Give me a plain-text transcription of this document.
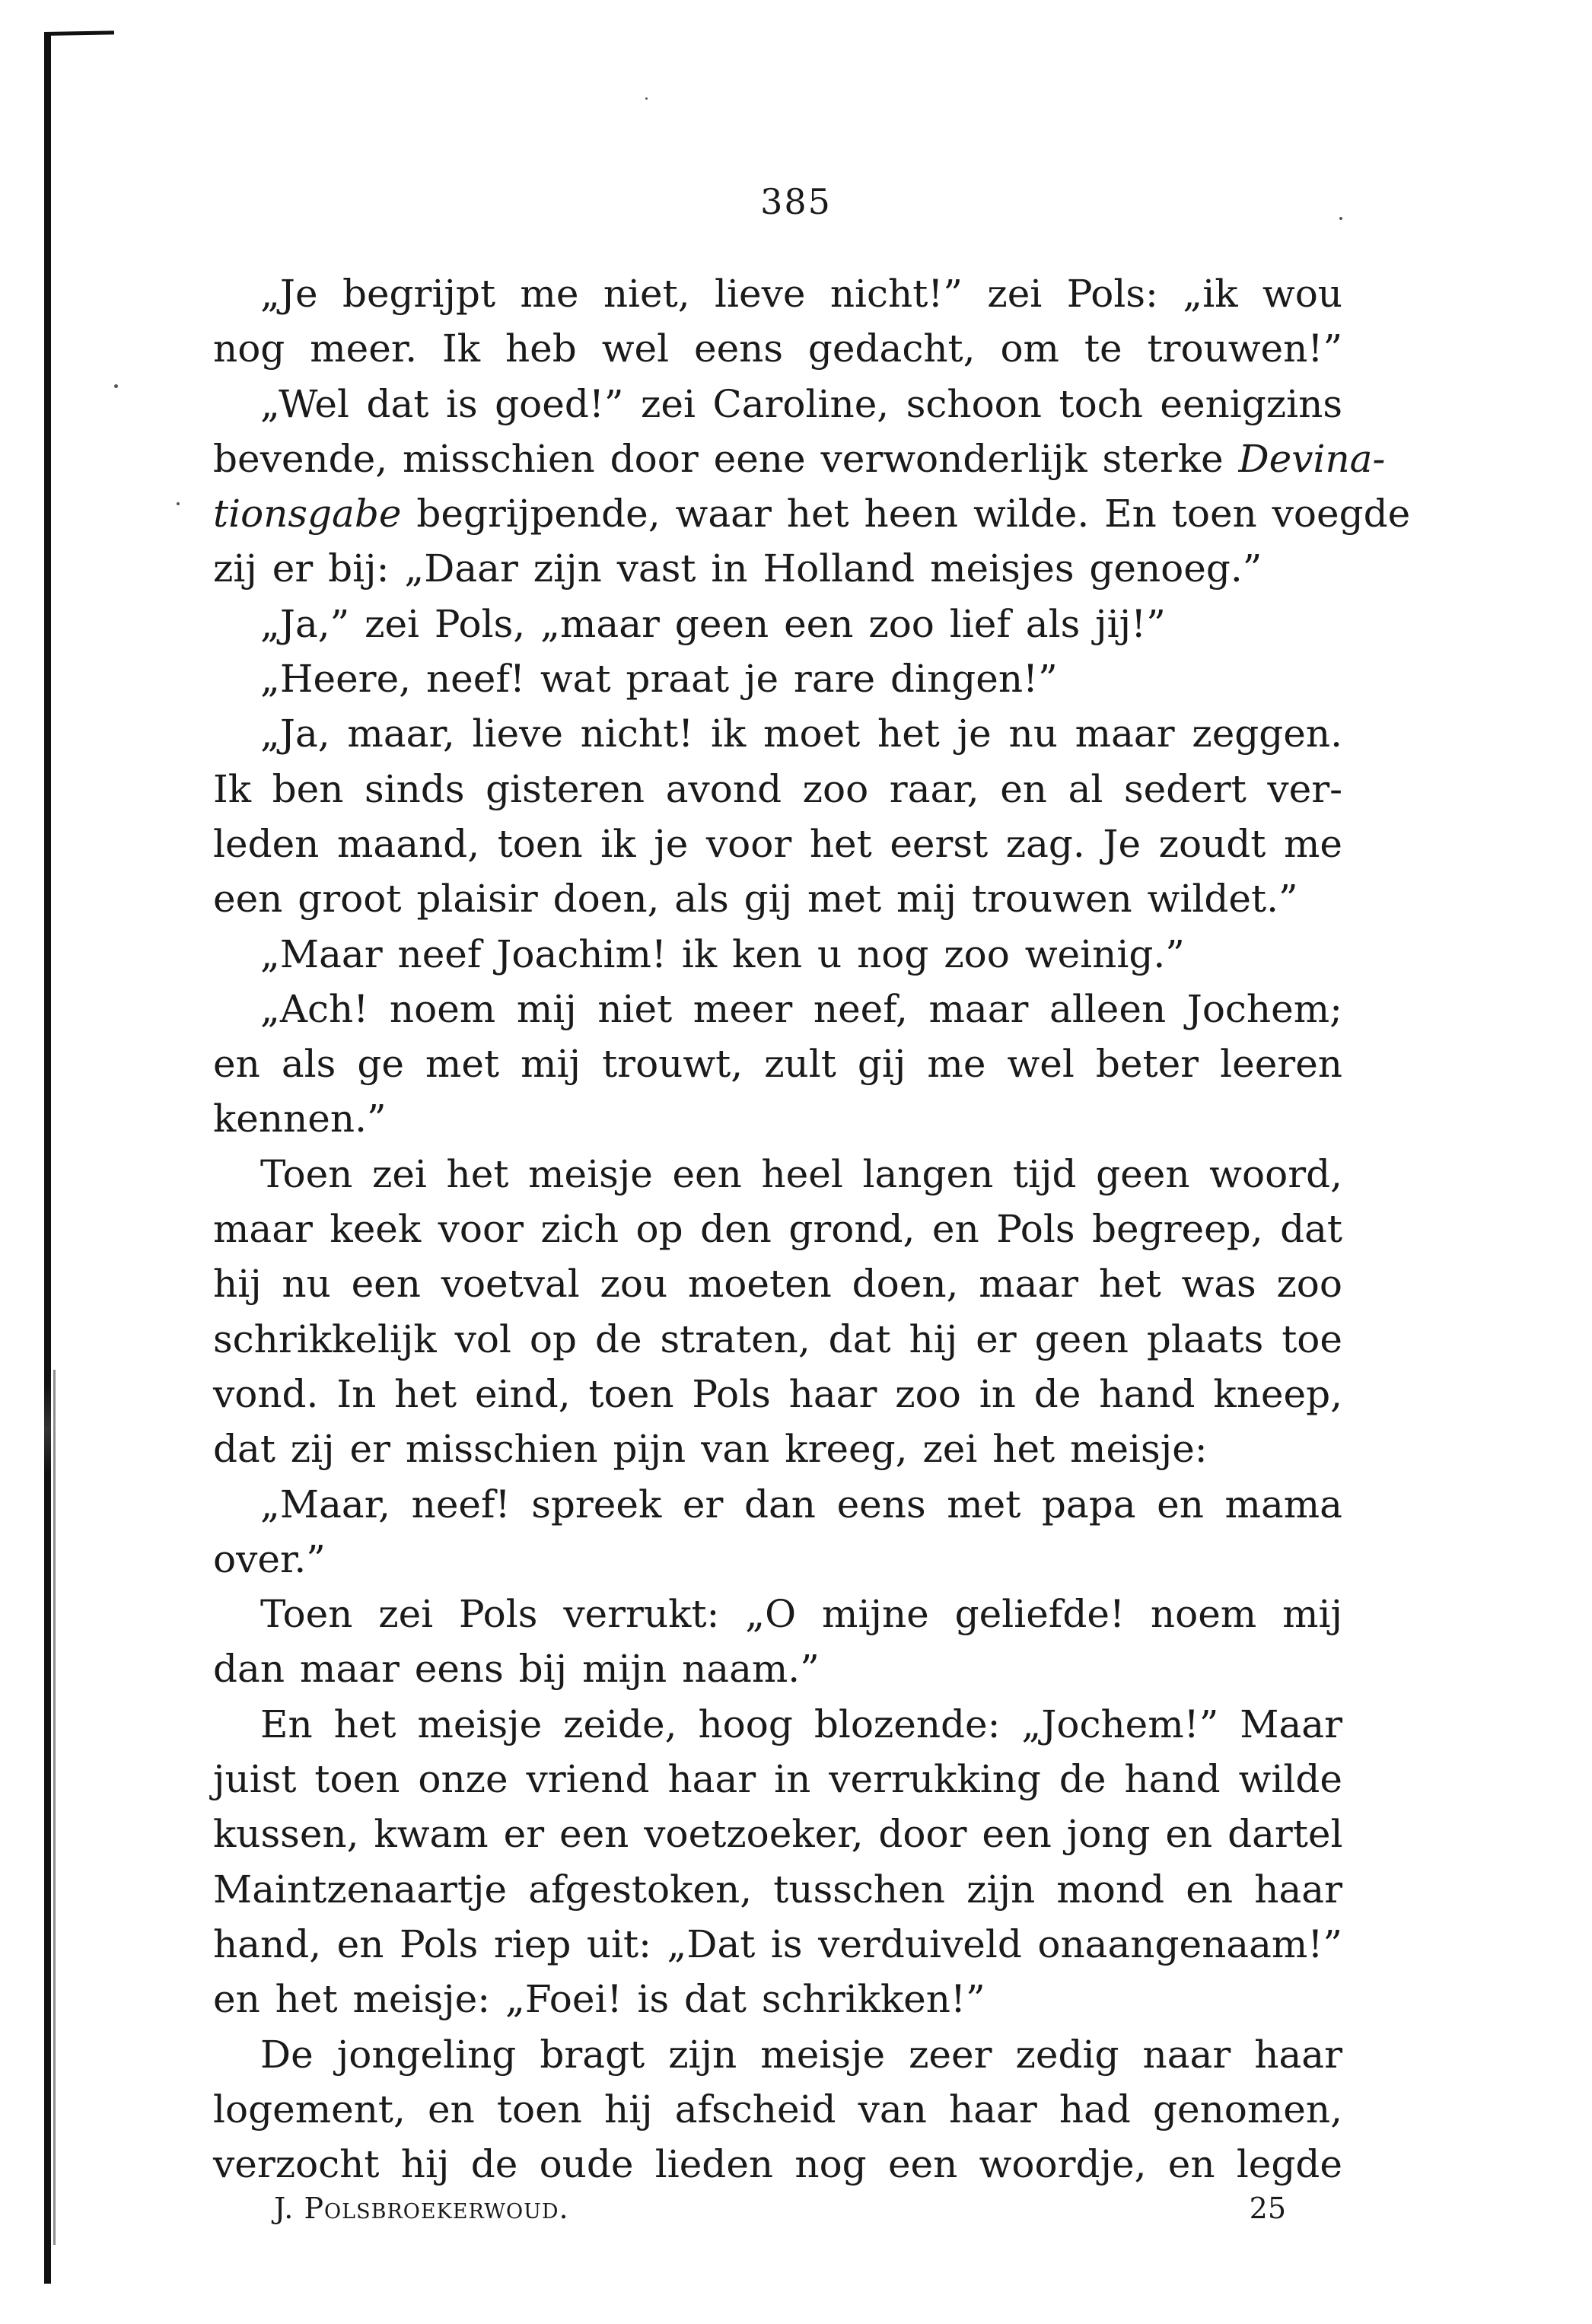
385
„Je begrijpt me niet, lieve nicht!” zei Pols: „ik wou
nog meer. Ik heb wel eens gedacht, om te trouwen!”
„Wel dat is goed!” zei Caroline, schoon toch eenigzins
bevende, misschien door eene verwonderlijk sterke Devina-
tionsgabe begrijpende, waar het heen wilde. En toen voegde
zij er bij: „Daar zijn vast in Holland meisjes genoeg.”
„Ja,” zei Pols, „maar geen een zoo lief als jij!”
„Heere, neef! wat praat je rare dingen!”
„Ja, maar, lieve nicht! ik moet het je nu maar zeggen.
Ik ben sinds gisteren avond zoo raar, en al sedert ver-
leden maand, toen ik je voor het eerst zag. Je zoudt me
een groot plaisir doen, als gij met mij trouwen wildet.”
„Maar neef Joachim! ik ken u nog zoo weinig.”
„Ach! noem mij niet meer neef, maar alleen Jochem;
en als ge met mij trouwt, zult gij me wel beter leeren
kennen.”
Toen zei het meisje een heel langen tijd geen woord,
maar keek voor zich op den grond, en Pols begreep, dat
hij nu een voetval zou moeten doen, maar het was zoo
schrikkelijk vol op de straten, dat hij er geen plaats toe
vond. In het eind, toen Pols haar zoo in de hand kneep,
dat zij er misschien pijn van kreeg, zei het meisje:
„Maar, neef! spreek er dan eens met papa en mama
over.”
Toen zei Pols verrukt: „O mijne geliefde! noem mij
dan maar eens bij mijn naam.”
En het meisje zeide, hoog blozende: „Jochem!” Maar
juist toen onze vriend haar in verrukking de hand wilde
kussen, kwam er een voetzoeker, door een jong en dartel
Maintzenaartje afgestoken, tusschen zijn mond en haar
hand, en Pols riep uit: „Dat is verduiveld onaangenaam!”
en het meisje: „Foei! is dat schrikken!”
De jongeling bragt zijn meisje zeer zedig naar haar
logement, en toen hij afscheid van haar had genomen,
verzocht hij de oude lieden nog een woordje, en legde
J. Polsbroekerwoud.	25
